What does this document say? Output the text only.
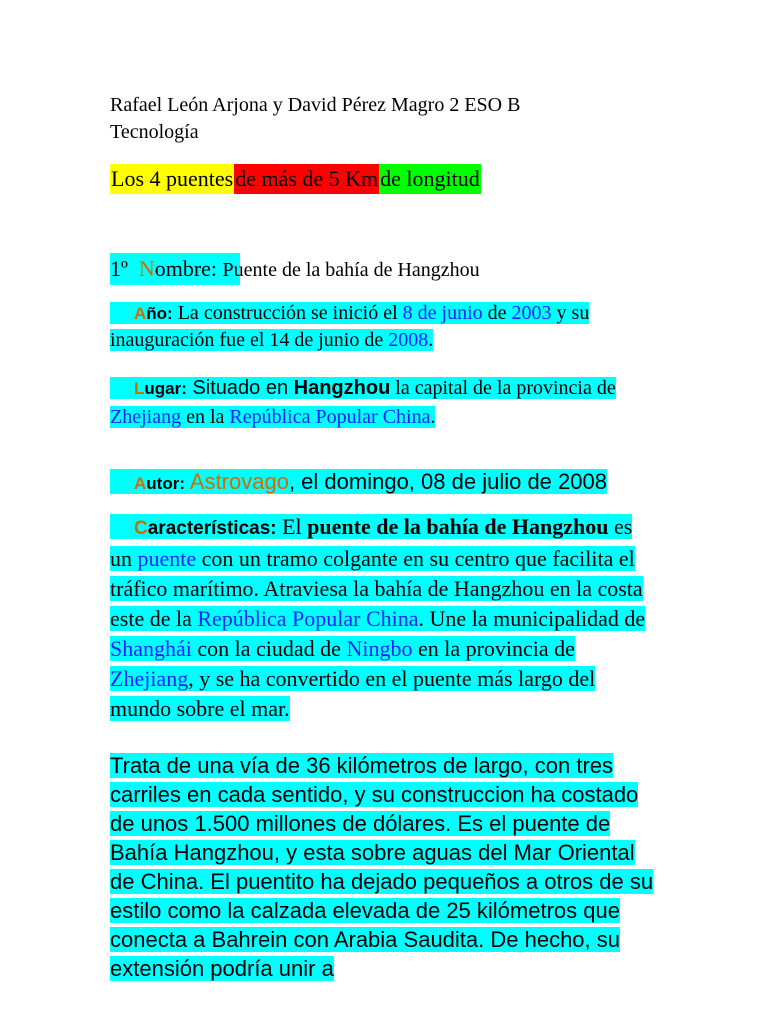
Rafael León Arjona y David Pérez Magro 2 ESO B
Tecnología
Los 4 puentesde más de 5 Kmde longitud
1º Nombre: Puente de la bahía de Hangzhou
Año: La construcción se inició el 8 de junio de 2003 y su inauguración fue el 14 de junio de 2008.
Lugar: Situado en Hangzhou la capital de la provincia de Zhejiang en la República Popular China.
Autor: Astrovago, el domingo, 08 de julio de 2008
Características: El puente de la bahía de Hangzhou es un puente con un tramo colgante en su centro que facilita el tráfico marítimo. Atraviesa la bahía de Hangzhou en la costa este de la República Popular China. Une la municipalidad de Shanghái con la ciudad de Ningbo en la provincia de Zhejiang, y se ha convertido en el puente más largo del mundo sobre el mar.
Trata de una vía de 36 kilómetros de largo, con tres carriles en cada sentido, y su construccion ha costado de unos 1.500 millones de dólares. Es el puente de Bahía Hangzhou, y esta sobre aguas del Mar Oriental de China. El puentito ha dejado pequeños a otros de su estilo como la calzada elevada de 25 kilómetros que conecta a Bahrein con Arabia Saudita. De hecho, su extensión podría unir a
